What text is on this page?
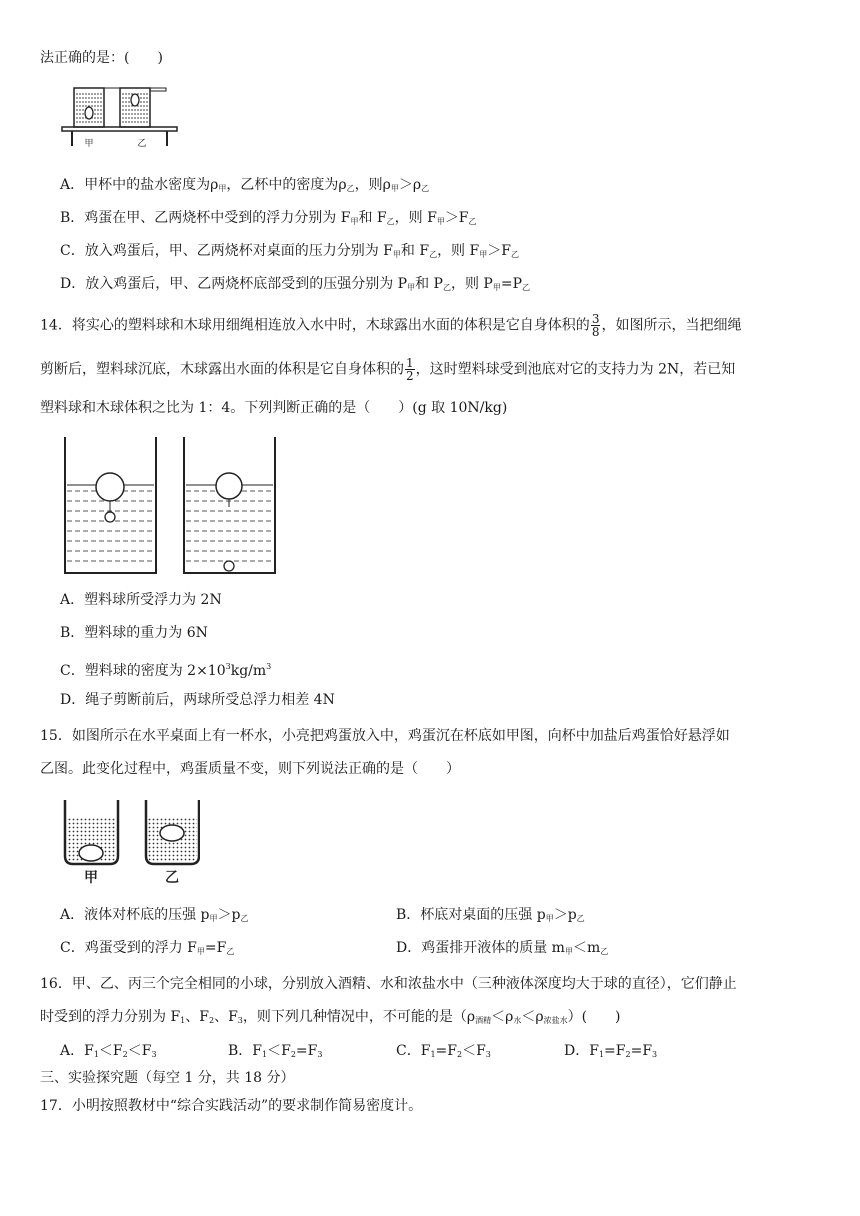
法正确的是：(　　)
甲	乙
A．甲杯中的盐水密度为$\rho_甲$，乙杯中的密度为$\rho_乙$，则$\rho_甲>\rho_乙$
B．鸡蛋在甲、乙两烧杯中受到的浮力分别为 $F_甲$和 $F_乙$，则 $F_甲>F_乙$
C．放入鸡蛋后，甲、乙两烧杯对桌面的压力分别为 $F_甲$和 $F_乙$，则 $F_甲>F_乙$
D．放入鸡蛋后，甲、乙两烧杯底部受到的压强分别为 $P_甲$和 $P_乙$，则 $P_甲=P_乙$
14．将实心的塑料球和木球用细绳相连放入水中时，木球露出水面的体积是它自身体积的 $\frac{3}{8}$ ，如图所示，当把细绳
剪断后，塑料球沉底，木球露出水面的体积是它自身体积的 $\frac{1}{2}$ ，这时塑料球受到池底对它的支持力为 2N，若已知
塑料球和木球体积之比为 1：4。下列判断正确的是（　　）(g 取 10N/kg)
A．塑料球所受浮力为 2N
B．塑料球的重力为 6N
C．塑料球的密度为 $2\times 10^3kg/m^3$
D．绳子剪断前后，两球所受总浮力相差 4N
15．如图所示在水平桌面上有一杯水，小亮把鸡蛋放入中，鸡蛋沉在杯底如甲图，向杯中加盐后鸡蛋恰好悬浮如
乙图。此变化过程中，鸡蛋质量不变，则下列说法正确的是（　　）
甲	乙
A．液体对杯底的压强 $p_甲>p_乙$	B．杯底对桌面的压强 $p_甲>p_乙$
C．鸡蛋受到的浮力 $F_甲=F_乙$	D．鸡蛋排开液体的质量 $m_甲<m_乙$
16．甲、乙、丙三个完全相同的小球，分别放入酒精、水和浓盐水中（三种液体深度均大于球的直径），它们静止
时受到的浮力分别为 $F_1$、$F_2$、$F_3$，则下列几种情况中，不可能的是$(\rho_{酒精}<\rho_水<\rho_{浓盐水})$(　　)
A．$F_1<F_2<F_3$	B．$F_1<F_2=F_3$	C．$F_1=F_2<F_3$	D．$F_1=F_2=F_3$
三、实验探究题（每空 1 分，共 18 分）
17．小明按照教材中“综合实践活动”的要求制作简易密度计。
